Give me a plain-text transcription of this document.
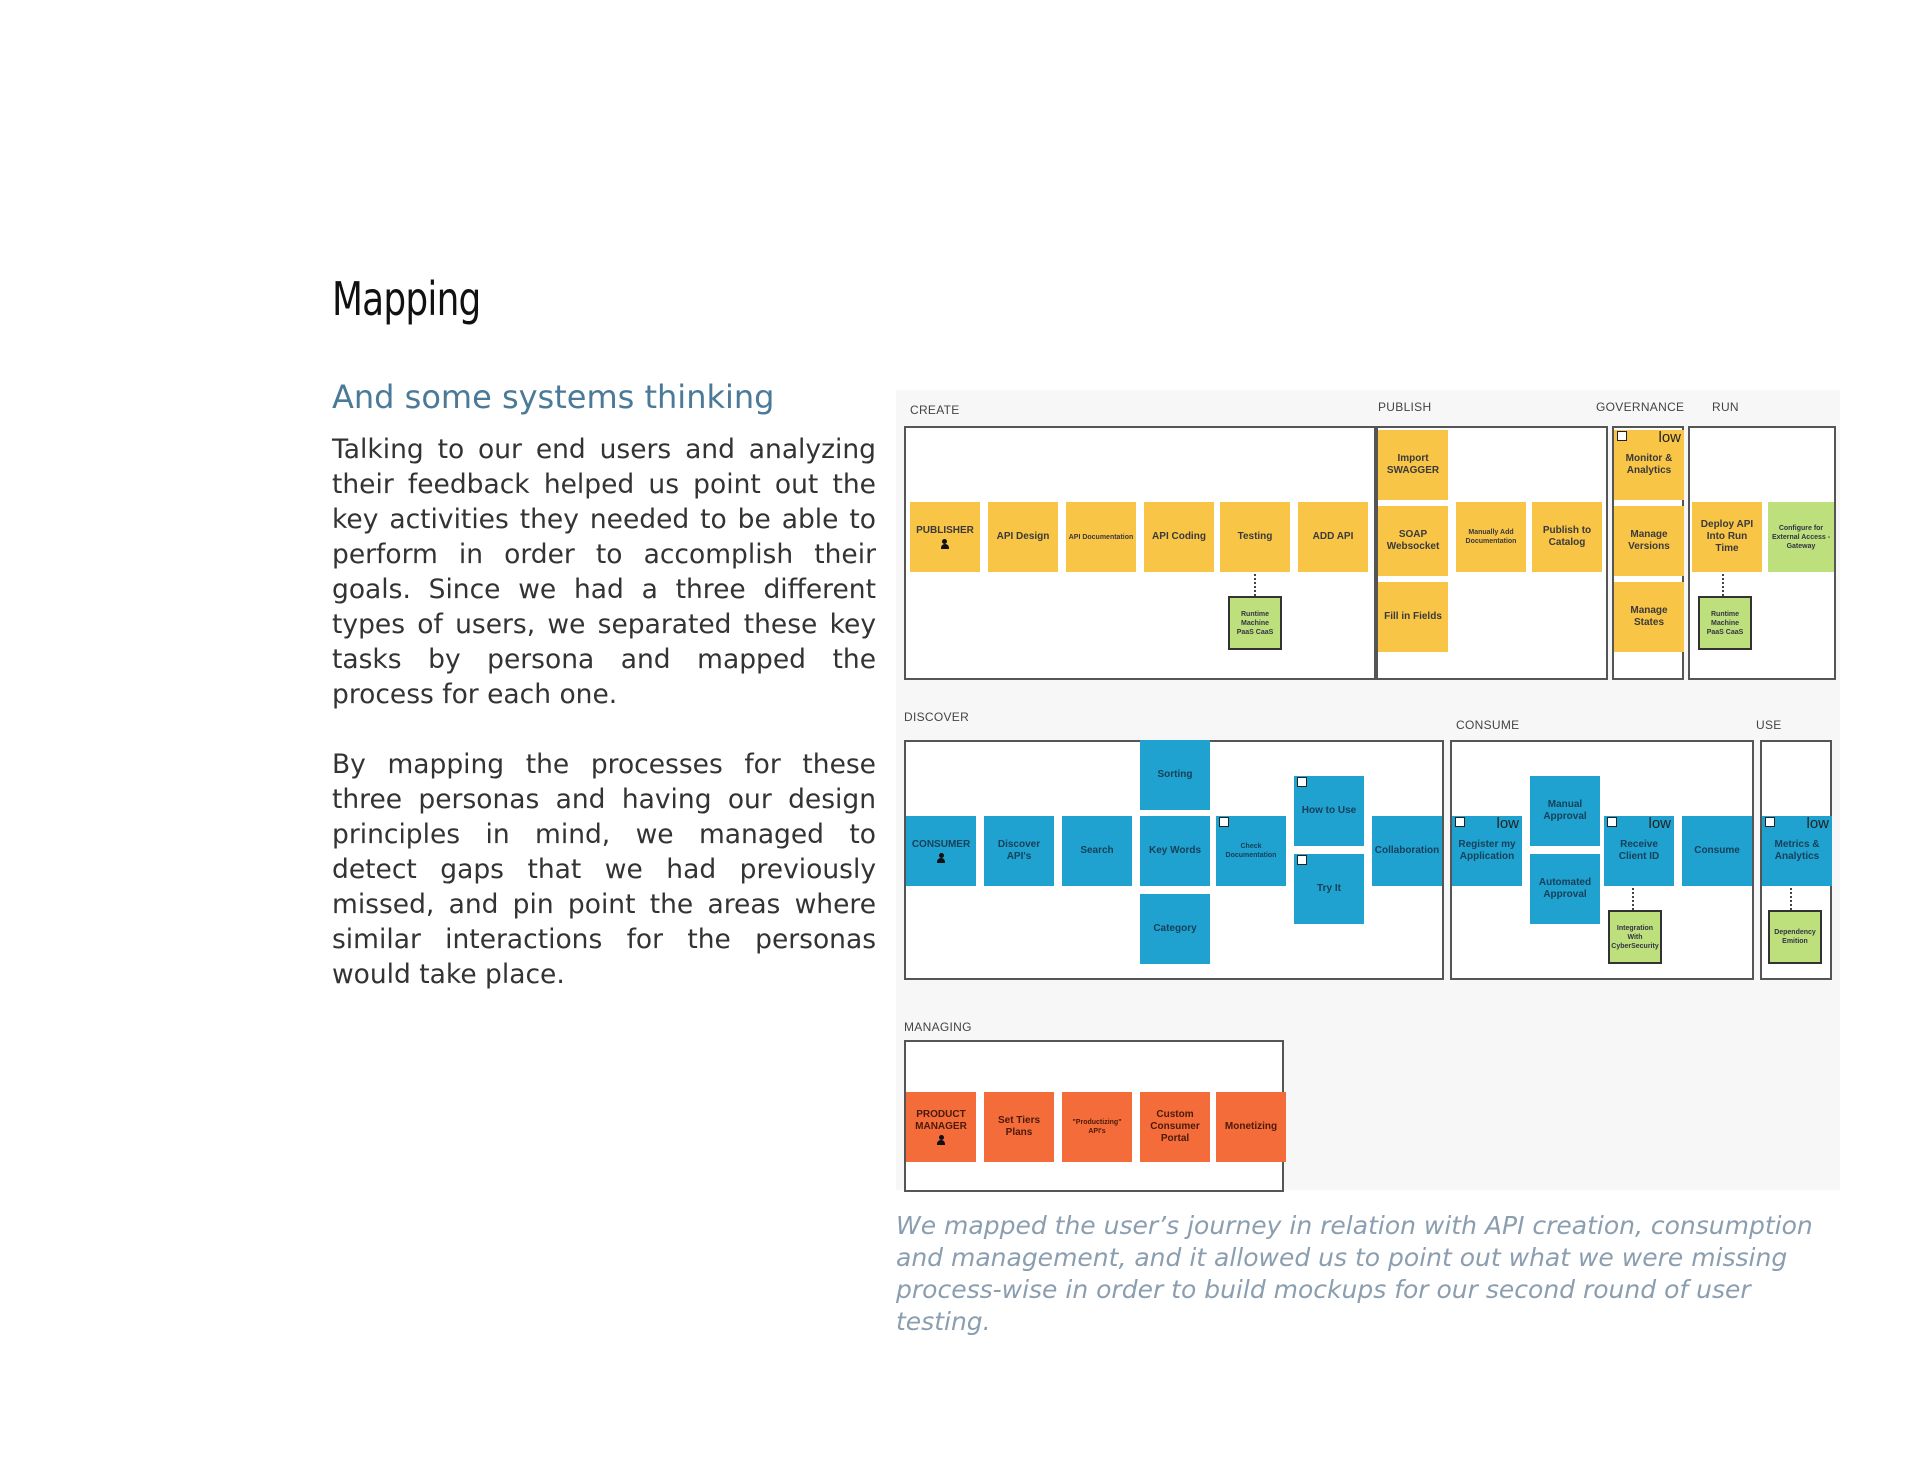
Mapping
And some systems thinking

Talking to our end users and analyzing their feedback helped us point out the key activities they needed to be able to perform in order to accomplish their goals. Since we had a three different types of users, we separated these key tasks by persona and mapped the process for each one.

By mapping the processes for these three personas and having our design principles in mind, we managed to detect gaps that we had previously missed, and pin point the areas where similar interactions for the personas would take place.

CREATE	PUBLISH	GOVERNANCE RUN
DISCOVER
CONSUME	USE
MANAGING
PUBLISHER
API Design	API Documentation	API Coding	Testing	ADD API
Runtime Machine PaaS CaaS
Import SWAGGER
SOAP Websocket
Manually Add Documentation
Publish to Catalog
Fill in Fields
low
Monitor & Analytics
Manage Versions
Manage States
Deploy API Into Run Time
Configure for External Access - Gateway
Runtime Machine PaaS CaaS
CONSUMER	Discover API's
Search
Sorting
Key Words
Category
Check Documentation
How to Use
Try It
Collaboration
low
Register my Application
Manual Approval
Automated Approval
low
Receive Client ID
Consume
Integration With CyberSecurity
low
Metrics & Analytics
Dependency Emition
PRODUCT MANAGER
Set Tiers Plans
"Productizing" API's
Custom Consumer Portal
Monetizing

We mapped the user’s journey in relation with API creation, consumption and management, and it allowed us to point out what we were missing process-wise in order to build mockups for our second round of user testing.
